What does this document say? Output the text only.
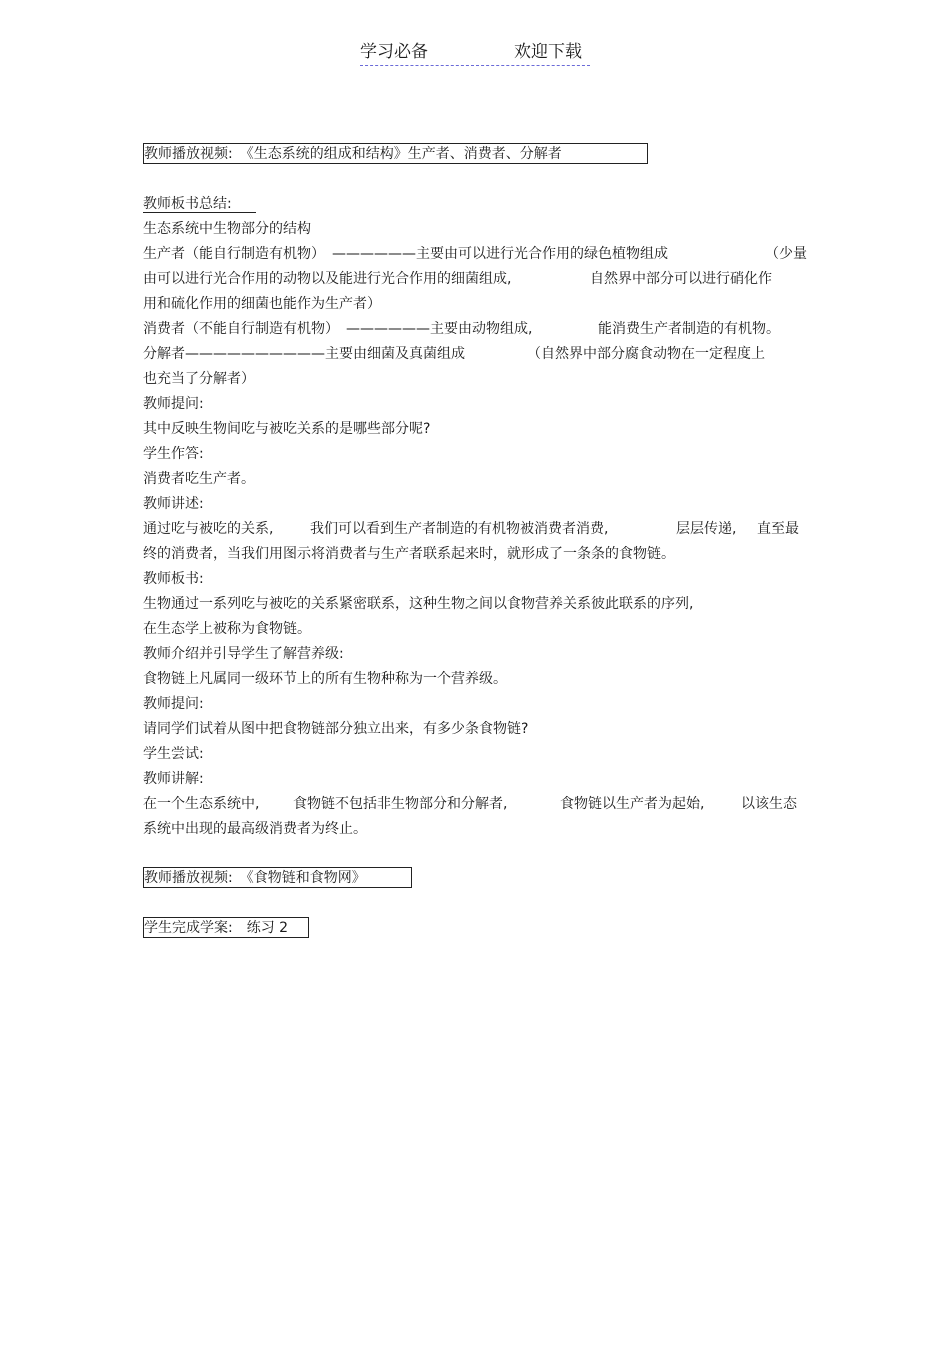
学习必备	欢迎下载
教师播放视频:　《生态系统的组成和结构》生产者、消费者、分解者
教师板书总结:
生态系统中生物部分的结构
生产者（能自行制造有机物）　——————主要由可以进行光合作用的绿色植物组成	（少量
由可以进行光合作用的动物以及能进行光合作用的细菌组成,	自然界中部分可以进行硝化作
用和硫化作用的细菌也能作为生产者）
消费者（不能自行制造有机物）　——————主要由动物组成,	能消费生产者制造的有机物。
分解者——————————主要由细菌及真菌组成	（自然界中部分腐食动物在一定程度上
也充当了分解者）
教师提问:
其中反映生物间吃与被吃关系的是哪些部分呢?
学生作答:
消费者吃生产者。
教师讲述:
通过吃与被吃的关系,	我们可以看到生产者制造的有机物被消费者消费,	层层传递, 直至最
终的消费者，当我们用图示将消费者与生产者联系起来时，就形成了一条条的食物链。
教师板书:
生物通过一系列吃与被吃的关系紧密联系，这种生物之间以食物营养关系彼此联系的序列,
在生态学上被称为食物链。
教师介绍并引导学生了解营养级:
食物链上凡属同一级环节上的所有生物种称为一个营养级。
教师提问:
请同学们试着从图中把食物链部分独立出来，有多少条食物链?
学生尝试:
教师讲解:
在一个生态系统中, 食物链不包括非生物部分和分解者,	食物链以生产者为起始,	以该生态
系统中出现的最高级消费者为终止。
教师播放视频:　《食物链和食物网》
学生完成学案:　练习 2
